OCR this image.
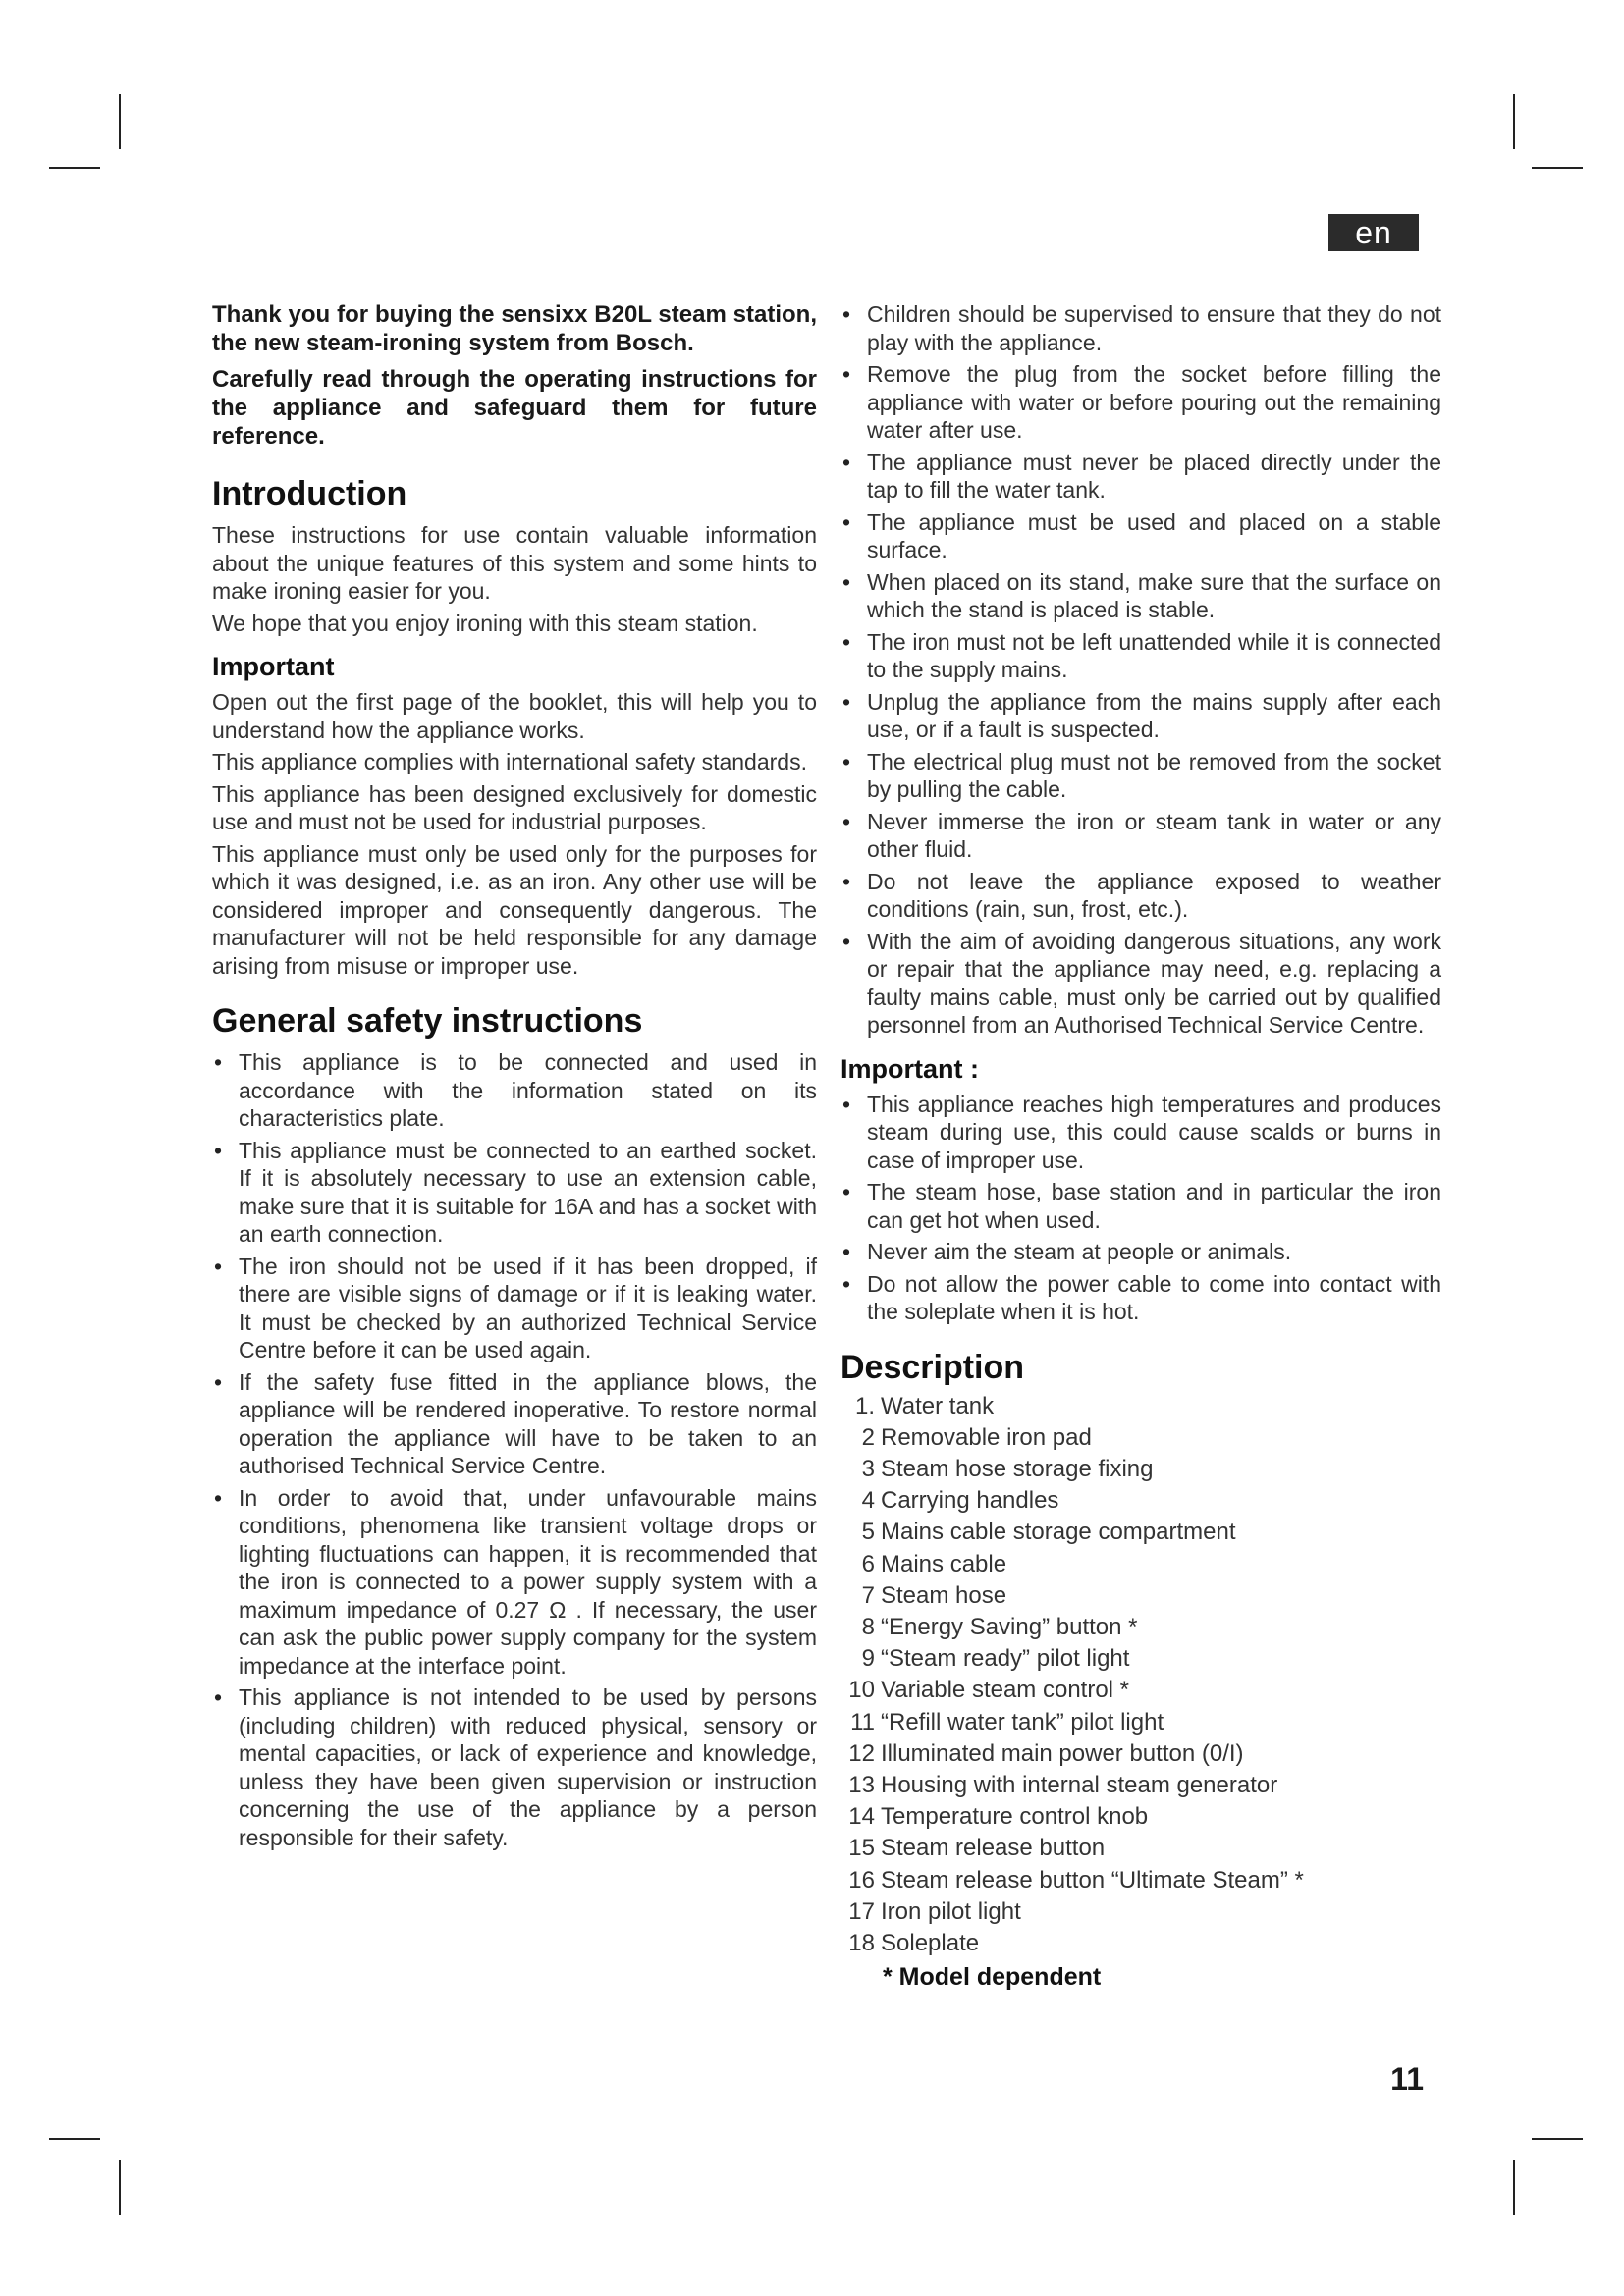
en

Thank you for buying the sensixx B20L steam station, the new steam-ironing system from Bosch.

Carefully read through the operating instructions for the appliance and safeguard them for future reference.

Introduction

These instructions for use contain valuable information about the unique features of this system and some hints to make ironing easier for you.

We hope that you enjoy ironing with this steam station.

Important

Open out the first page of the booklet, this will help you to understand how the appliance works.

This appliance complies with international safety standards.

This appliance has been designed exclusively for domestic use and must not be used for industrial purposes.

This appliance must only be used only for the purposes for which it was designed, i.e. as an iron. Any other use will be considered improper and consequently dangerous. The manufacturer will not be held responsible for any damage arising from misuse or improper use.

General safety instructions
• This appliance is to be connected and used in accordance with the information stated on its characteristics plate.
• This appliance must be connected to an earthed socket. If it is absolutely necessary to use an extension cable, make sure that it is suitable for 16A and has a socket with an earth connection.
• The iron should not be used if it has been dropped, if there are visible signs of damage or if it is leaking water. It must be checked by an authorized Technical Service Centre before it can be used again.
• If the safety fuse fitted in the appliance blows, the appliance will be rendered inoperative. To restore normal operation the appliance will have to be taken to an authorised Technical Service Centre.
• In order to avoid that, under unfavourable mains conditions, phenomena like transient voltage drops or lighting fluctuations can happen, it is recommended that the iron is connected to a power supply system with a maximum impedance of 0.27 Ω . If necessary, the user can ask the public power supply company for the system impedance at the interface point.
• This appliance is not intended to be used by persons (including children) with reduced physical, sensory or mental capacities, or lack of experience and knowledge, unless they have been given supervision or instruction concerning the use of the appliance by a person responsible for their safety.
• Children should be supervised to ensure that they do not play with the appliance.
• Remove the plug from the socket before filling the appliance with water or before pouring out the remaining water after use.
• The appliance must never be placed directly under the tap to fill the water tank.
• The appliance must be used and placed on a stable surface.
• When placed on its stand, make sure that the surface on which the stand is placed is stable.
• The iron must not be left unattended while it is connected to the supply mains.
• Unplug the appliance from the mains supply after each use, or if a fault is suspected.
• The electrical plug must not be removed from the socket by pulling the cable.
• Never immerse the iron or steam tank in water or any other fluid.
• Do not leave the appliance exposed to weather conditions (rain, sun, frost, etc.).
• With the aim of avoiding dangerous situations, any work or repair that the appliance may need, e.g. replacing a faulty mains cable, must only be carried out by qualified personnel from an Authorised Technical Service Centre.
Important :
• This appliance reaches high temperatures and produces steam during use, this could cause scalds or burns in case of improper use.
• The steam hose, base station and in particular the iron can get hot when used.
• Never aim the steam at people or animals.
• Do not allow the power cable to come into contact with the soleplate when it is hot.
Description
1. Water tank
2 Removable iron pad
3 Steam hose storage fixing
4 Carrying handles
5 Mains cable storage compartment
6 Mains cable
7 Steam hose
8 “Energy Saving” button *
9 “Steam ready” pilot light
10 Variable steam control *
11 “Refill water tank” pilot light
12 Illuminated main power button (0/I)
13 Housing with internal steam generator
14 Temperature control knob
15 Steam release button
16 Steam release button “Ultimate Steam” *
17 Iron pilot light
18 Soleplate
* Model dependent
11
